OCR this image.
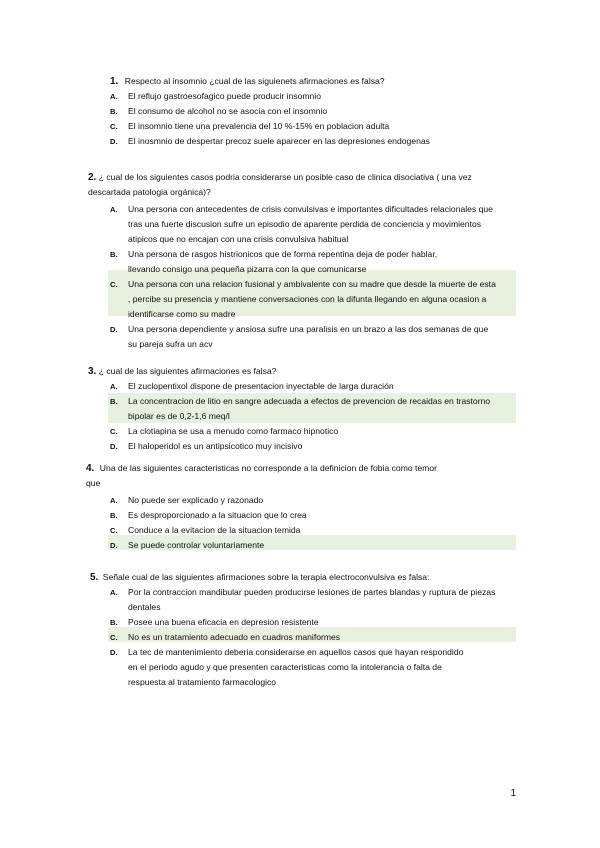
1. Respecto al insomnio ¿cual de las siguienets afirmaciones es falsa?
A. El reflujo gastroesofagico puede producir insomnio
B. El consumo de alcohol no se asocia con el insomnio
C. El insomnio tiene una prevalencia del 10 %-15% en poblacion adulta
D. El inosmnio de despertar precoz suele aparecer en las depresiones endogenas
2. ¿ cual de los siguientes casos podria considerarse un posible caso de clinica disociativa ( una vez descartada patologia orgánica)?
A. Una persona con antecedentes de crisis convulsivas e importantes dificultades relacionales que tras una fuerte discusion sufre un episodio de aparente perdida de conciencia y movimientos atipicos que no encajan con una crisis convulsiva habitual
B. Una persona de rasgos histrionicos que de forma repentina deja de poder hablar, llevando consigo una pequeña pizarra con la que comunicarse
C. Una persona con una relacion fusional y ambivalente con su madre que desde la muerte de esta , percibe su presencia y mantiene conversaciones con la difunta llegando en alguna ocasion a identificarse como su madre
D. Una persona dependiente y ansiosa sufre una paralisis en un brazo a las dos semanas de que su pareja sufra un acv
3. ¿ cual de las siguientes afirmaciones es falsa?
A. El zuclopentixol dispone de presentacion inyectable de larga duración
B. La concentracion de litio en sangre adecuada a efectos de prevencion de recaidas en trastorno bipolar es de 0,2-1,6 meq/l
C. La clotiapina se usa a menudo como farmaco hipnotico
D. El haloperidol es un antipsicotico muy incisivo
4. Una de las siguientes caracteristicas no corresponde a la definicion de fobia como temor que
A. No puede ser explicado y razonado
B. Es desproporcionado a la situacion que lo crea
C. Conduce a la evitacion de la situacion temida
D. Se puede controlar voluntariamente
5. Señale cual de las siguientes afirmaciones sobre la terapia electroconvulsiva es falsa:
A. Por la contraccion mandibular pueden producirse lesiones de partes blandas y ruptura de piezas dentales
B. Posee una buena eficacia en depresion resistente
C. No es un tratamiento adecuado en cuadros maniformes
D. La tec de mantenimiento deberia considerarse en aquellos casos que hayan respondido en el periodo agudo y que presenten caracteristicas como la intolerancia o falta de respuesta al tratamiento farmacologico
1
